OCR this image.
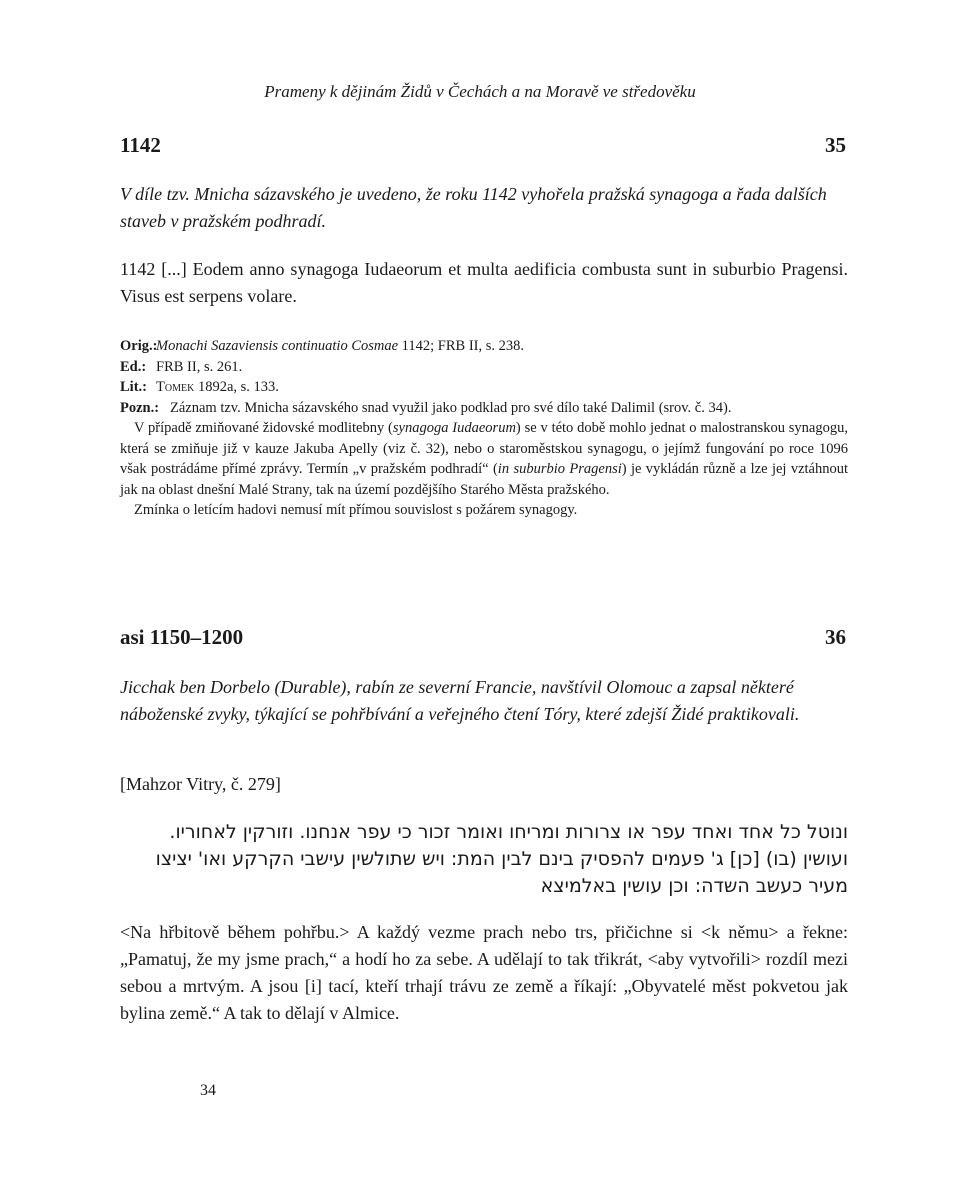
Prameny k dějinám Židů v Čechách a na Moravě ve středověku
1142	35

V díle tzv. Mnicha sázavského je uvedeno, že roku 1142 vyhořela pražská synagoga a řada dalších staveb v pražském podhradí.

1142 [...] Eodem anno synagoga Iudaeorum et multa aedificia combusta sunt in suburbio Pragensi. Visus est serpens volare.

Orig.:
Monachi Sazaviensis continuatio Cosmae 1142; FRB II, s. 238.
Ed.: FRB II, s. 261.
Lit.: Tomek 1892a, s. 133.
Pozn.: Záznam tzv. Mnicha sázavského snad využil jako podklad pro své dílo také Dalimil (srov. č. 34).

V případě zmiňované židovské modlitebny (synagoga Iudaeorum) se v této době mohlo jednat o malostranskou synagogu, která se zmiňuje již v kauze Jakuba Apelly (viz č. 32), nebo o staroměstskou synagogu, o jejímž fungování po roce 1096 však postrádáme přímé zprávy. Termín „v pražském podhradí“ (in suburbio Pragensi) je vykládán různě a lze jej vztáhnout jak na oblast dnešní Malé Strany, tak na území pozdějšího Starého Města pražského.

Zmínka o letícím hadovi nemusí mít přímou souvislost s požárem synagogy.

asi 1150–1200	36

Jicchak ben Dorbelo (Durable), rabín ze severní Francie, navštívil Olomouc a zapsal některé náboženské zvyky, týkající se pohřbívání a veřejného čtení Tóry, které zdejší Židé praktikovali.

[Mahzor Vitry, č. 279]

ונוטל כל אחד ואחד עפר או צרורות ומריחו ואומר זכור כי עפר אנחנו. וזורקין לאחוריו.
ועושין (בו) [כן] ג' פעמים להפסיק בינם לבין המת: ויש שתולשין עישבי הקרקע ואו' יציצו
מעיר כעשב השדה: וכן עושין באלמיצא

<Na hřbitově během pohřbu.> A každý vezme prach nebo trs, přičichne si <k němu> a řekne: „Pamatuj, že my jsme prach,“ a hodí ho za sebe. A udělají to tak třikrát, <aby vytvořili> rozdíl mezi sebou a mrtvým. A jsou [i] tací, kteří trhají trávu ze země a říkají: „Obyvatelé měst pokvetou jak bylina země.“ A tak to dělají v Almice.

34
